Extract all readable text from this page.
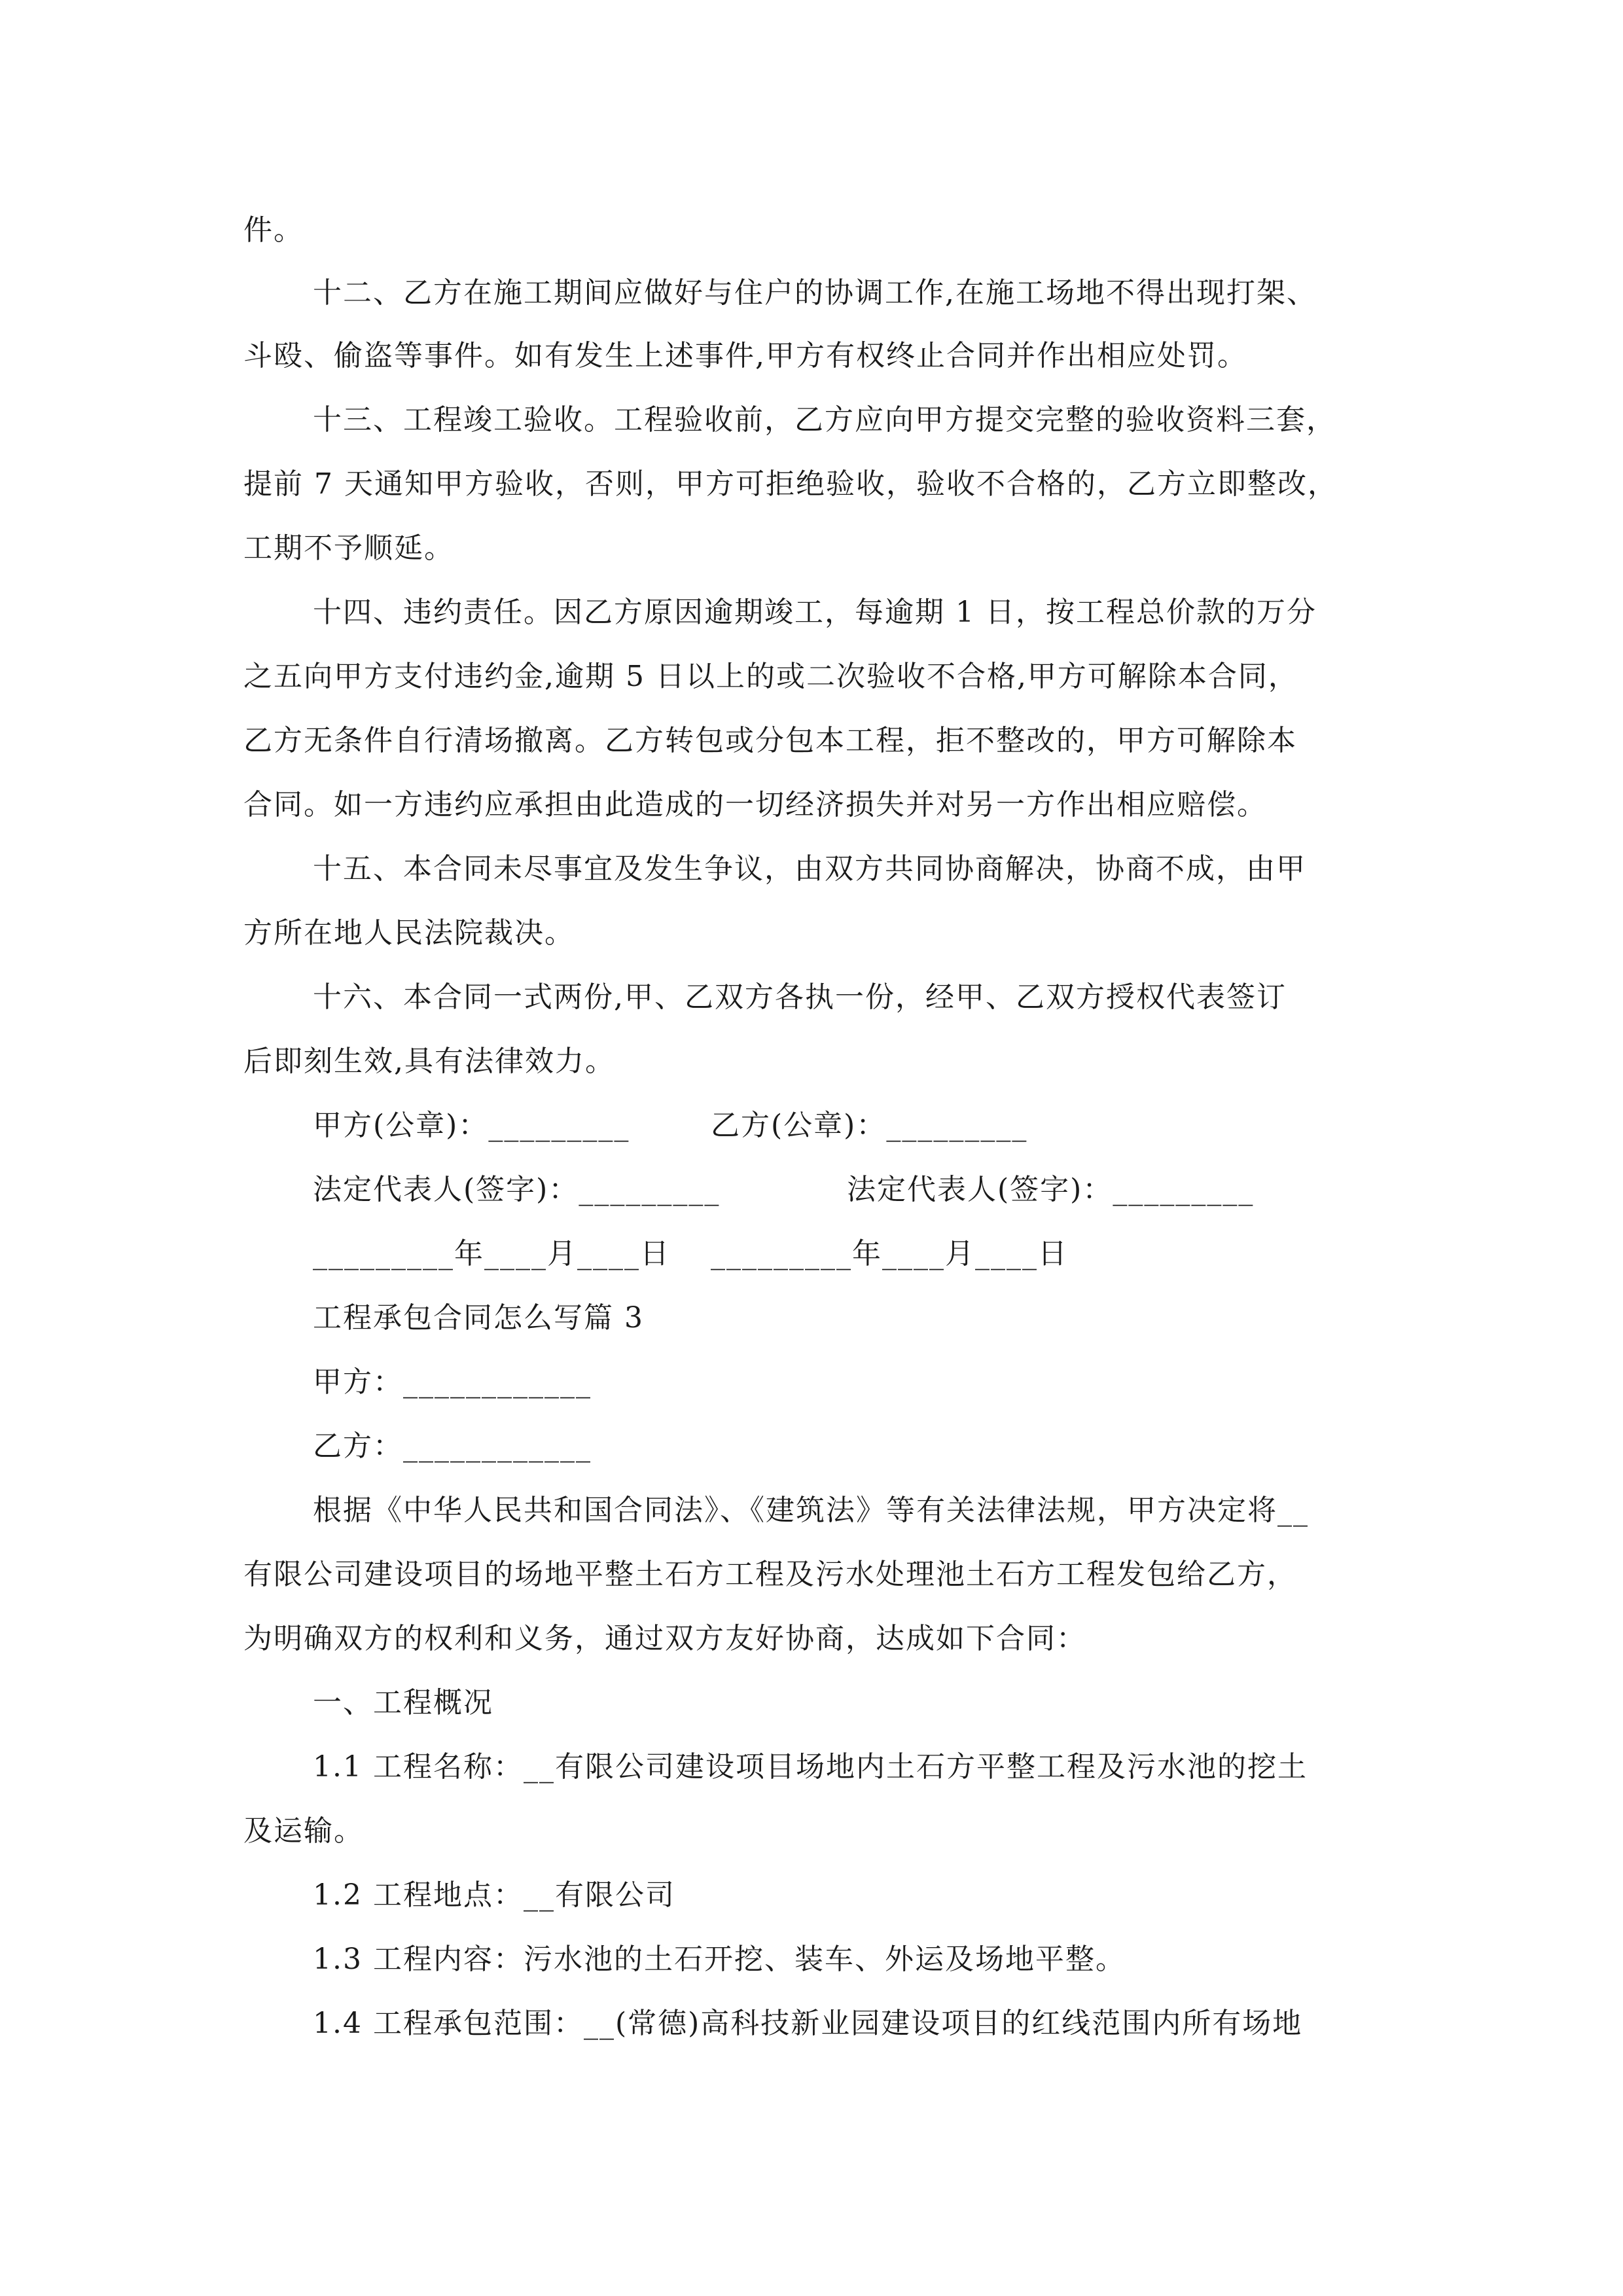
件。
十二、乙方在施工期间应做好与住户的协调工作,在施工场地不得出现打架、
斗殴、偷盗等事件。如有发生上述事件,甲方有权终止合同并作出相应处罚。
十三、工程竣工验收。工程验收前，乙方应向甲方提交完整的验收资料三套，
提前 7 天通知甲方验收，否则，甲方可拒绝验收，验收不合格的，乙方立即整改，
工期不予顺延。
十四、违约责任。因乙方原因逾期竣工，每逾期 1 日，按工程总价款的万分
之五向甲方支付违约金,逾期 5 日以上的或二次验收不合格,甲方可解除本合同，
乙方无条件自行清场撤离。乙方转包或分包本工程，拒不整改的，甲方可解除本
合同。如一方违约应承担由此造成的一切经济损失并对另一方作出相应赔偿。
十五、本合同未尽事宜及发生争议，由双方共同协商解决，协商不成，由甲
方所在地人民法院裁决。
十六、本合同一式两份,甲、乙双方各执一份，经甲、乙双方授权代表签订
后即刻生效,具有法律效力。
甲方(公章)：_________	乙方(公章)：_________
法定代表人(签字)：_________	法定代表人(签字)：_________
_________年____月____日 _________年____月____日
工程承包合同怎么写篇 3
甲方：____________
乙方：____________
根据《中华人民共和国合同法》、《建筑法》等有关法律法规，甲方决定将__
有限公司建设项目的场地平整土石方工程及污水处理池土石方工程发包给乙方，
为明确双方的权利和义务，通过双方友好协商，达成如下合同：
一、工程概况
1.1 工程名称：__有限公司建设项目场地内土石方平整工程及污水池的挖土
及运输。
1.2 工程地点：__有限公司
1.3 工程内容：污水池的土石开挖、装车、外运及场地平整。
1.4 工程承包范围：__(常德)高科技新业园建设项目的红线范围内所有场地
